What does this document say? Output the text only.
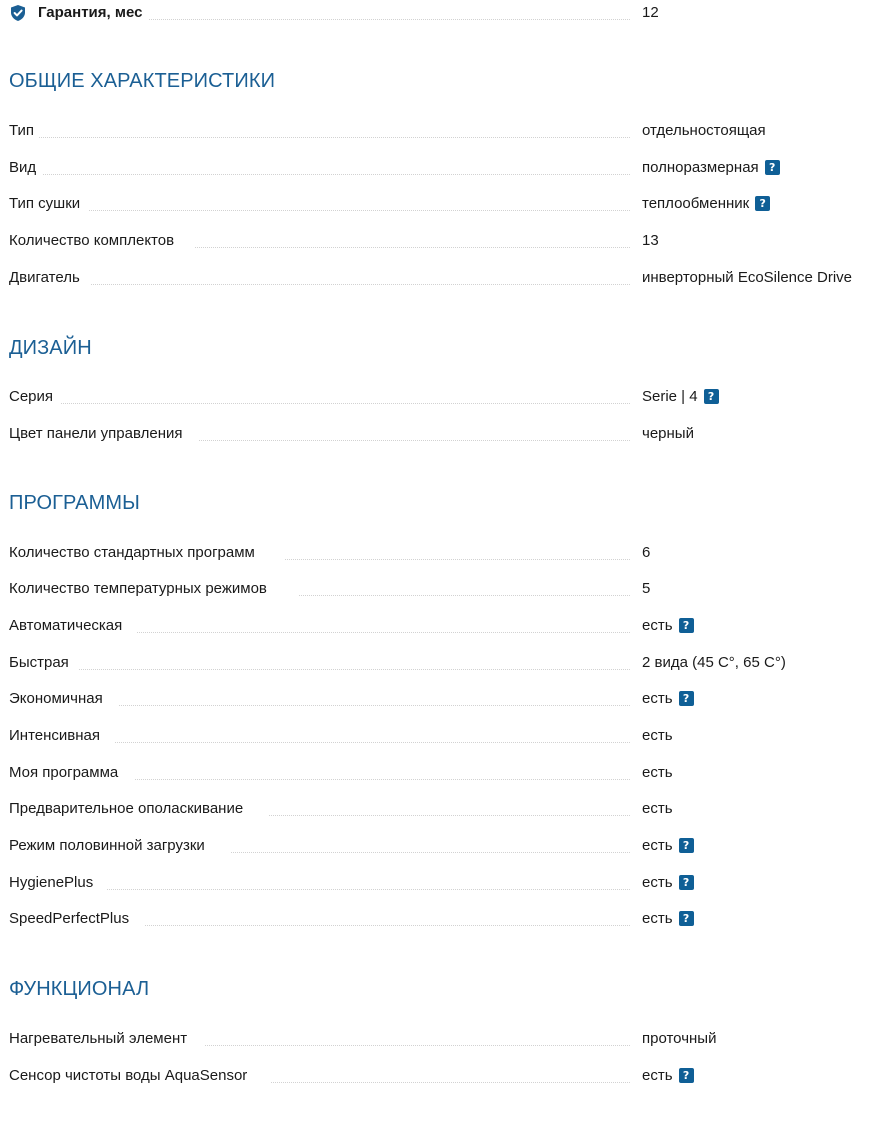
Гарантия, мес	12
ОБЩИЕ ХАРАКТЕРИСТИКИ
Тип	отдельностоящая
Вид	полноразмерная ?
Тип сушки	теплообменник ?
Количество комплектов	13
Двигатель	инверторный EcoSilence Drive
ДИЗАЙН
Серия	Serie | 4 ?
Цвет панели управления	черный
ПРОГРАММЫ
Количество стандартных программ	6
Количество температурных режимов	5
Автоматическая	есть ?
Быстрая	2 вида (45 C°, 65 C°)
Экономичная	есть ?
Интенсивная	есть
Моя программа	есть
Предварительное ополаскивание	есть
Режим половинной загрузки	есть ?
HygienePlus	есть ?
SpeedPerfectPlus	есть ?
ФУНКЦИОНАЛ
Нагревательный элемент	проточный
Сенсор чистоты воды AquaSensor	есть ?
